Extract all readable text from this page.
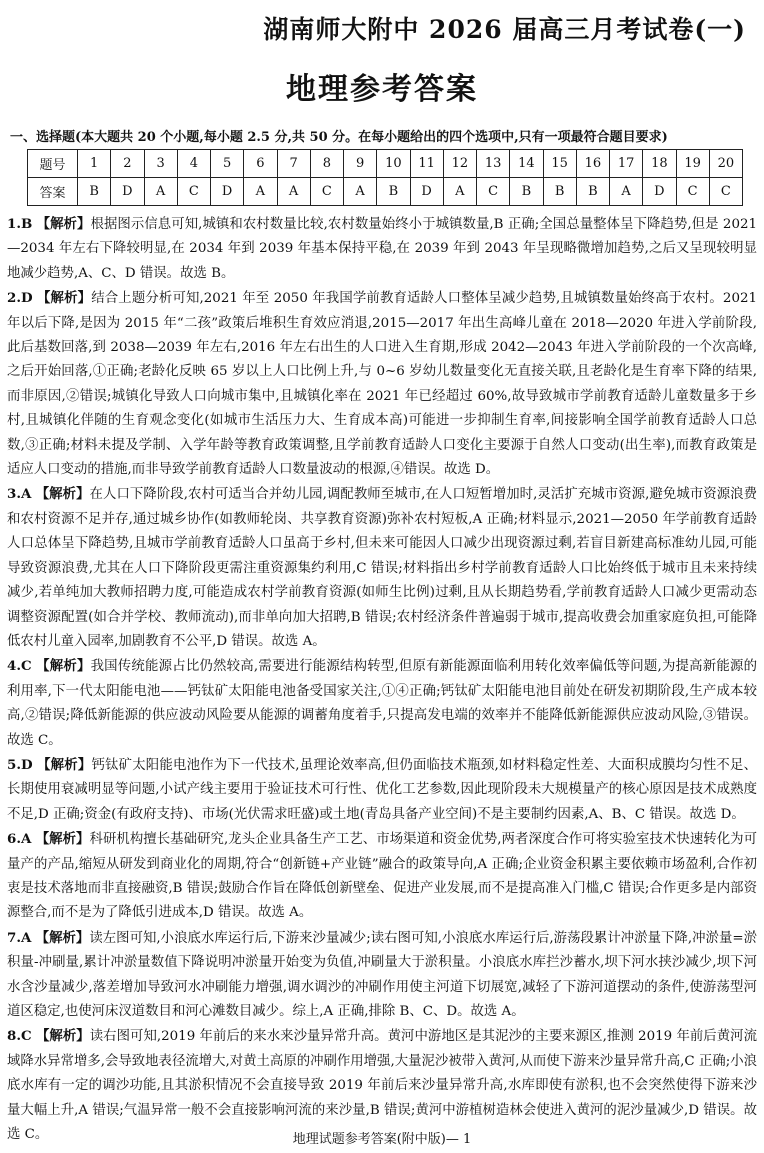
湖南师大附中 2026 届高三月考试卷(一)
地理参考答案
一、选择题(本大题共 20 个小题,每小题 2.5 分,共 50 分。在每小题给出的四个选项中,只有一项最符合题目要求)
题号	1	2	3	4	5	6	7	8	9	10	11	12	13	14	15	16	17	18	19	20
答案	B	D	A	C	D	A	A	C	A	B	D	A	C	B	B	B	A	D	C	C

1.B 【解析】根据图示信息可知,城镇和农村数量比较,农村数量始终小于城镇数量,B 正确;全国总量整体呈下降趋势,但是 2021—2034 年左右下降较明显,在 2034 年到 2039 年基本保持平稳,在 2039 年到 2043 年呈现略微增加趋势,之后又呈现较明显地减少趋势,A、C、D 错误。故选 B。

2.D 【解析】结合上题分析可知,2021 年至 2050 年我国学前教育适龄人口整体呈减少趋势,且城镇数量始终高于农村。2021 年以后下降,是因为 2015 年“二孩”政策后堆积生育效应消退,2015—2017 年出生高峰儿童在 2018—2020 年进入学前阶段,此后基数回落,到 2038—2039 年左右,2016 年左右出生的人口进入生育期,形成 2042—2043 年进入学前阶段的一个次高峰,之后开始回落,①正确;老龄化反映 65 岁以上人口比例上升,与 0~6 岁幼儿数量变化无直接关联,且老龄化是生育率下降的结果,而非原因,②错误;城镇化导致人口向城市集中,且城镇化率在 2021 年已经超过 60%,故导致城市学前教育适龄儿童数量多于乡村,且城镇化伴随的生育观念变化(如城市生活压力大、生育成本高)可能进一步抑制生育率,间接影响全国学前教育适龄人口总数,③正确;材料未提及学制、入学年龄等教育政策调整,且学前教育适龄人口变化主要源于自然人口变动(出生率),而教育政策是适应人口变动的措施,而非导致学前教育适龄人口数量波动的根源,④错误。故选 D。

3.A 【解析】在人口下降阶段,农村可适当合并幼儿园,调配教师至城市,在人口短暂增加时,灵活扩充城市资源,避免城市资源浪费和农村资源不足并存,通过城乡协作(如教师轮岗、共享教育资源)弥补农村短板,A 正确;材料显示,2021—2050 年学前教育适龄人口总体呈下降趋势,且城市学前教育适龄人口虽高于乡村,但未来可能因人口减少出现资源过剩,若盲目新建高标准幼儿园,可能导致资源浪费,尤其在人口下降阶段更需注重资源集约利用,C 错误;材料指出乡村学前教育适龄人口比始终低于城市且未来持续减少,若单纯加大教师招聘力度,可能造成农村学前教育资源(如师生比例)过剩,且从长期趋势看,学前教育适龄人口减少更需动态调整资源配置(如合并学校、教师流动),而非单向加大招聘,B 错误;农村经济条件普遍弱于城市,提高收费会加重家庭负担,可能降低农村儿童入园率,加剧教育不公平,D 错误。故选 A。

4.C 【解析】我国传统能源占比仍然较高,需要进行能源结构转型,但原有新能源面临利用转化效率偏低等问题,为提高新能源的利用率,下一代太阳能电池——钙钛矿太阳能电池备受国家关注,①④正确;钙钛矿太阳能电池目前处在研发初期阶段,生产成本较高,②错误;降低新能源的供应波动风险要从能源的调蓄角度着手,只提高发电端的效率并不能降低新能源供应波动风险,③错误。故选 C。

5.D 【解析】钙钛矿太阳能电池作为下一代技术,虽理论效率高,但仍面临技术瓶颈,如材料稳定性差、大面积成膜均匀性不足、长期使用衰减明显等问题,小试产线主要用于验证技术可行性、优化工艺参数,因此现阶段未大规模量产的核心原因是技术成熟度不足,D 正确;资金(有政府支持)、市场(光伏需求旺盛)或土地(青岛具备产业空间)不是主要制约因素,A、B、C 错误。故选 D。

6.A 【解析】科研机构擅长基础研究,龙头企业具备生产工艺、市场渠道和资金优势,两者深度合作可将实验室技术快速转化为可量产的产品,缩短从研发到商业化的周期,符合“创新链+产业链”融合的政策导向,A 正确;企业资金积累主要依赖市场盈利,合作初衷是技术落地而非直接融资,B 错误;鼓励合作旨在降低创新壁垒、促进产业发展,而不是提高准入门槛,C 错误;合作更多是内部资源整合,而不是为了降低引进成本,D 错误。故选 A。

7.A 【解析】读左图可知,小浪底水库运行后,下游来沙量减少;读右图可知,小浪底水库运行后,游荡段累计冲淤量下降,冲淤量=淤积量-冲刷量,累计冲淤量数值下降说明冲淤量开始变为负值,冲刷量大于淤积量。小浪底水库拦沙蓄水,坝下河水挟沙减少,坝下河水含沙量减少,落差增加导致河水冲刷能力增强,调水调沙的冲刷作用使主河道下切展宽,减轻了下游河道摆动的条件,使游荡型河道区稳定,也使河床汊道数目和河心滩数目减少。综上,A 正确,排除 B、C、D。故选 A。

8.C 【解析】读右图可知,2019 年前后的来水来沙量异常升高。黄河中游地区是其泥沙的主要来源区,推测 2019 年前后黄河流域降水异常增多,会导致地表径流增大,对黄土高原的冲刷作用增强,大量泥沙被带入黄河,从而使下游来沙量异常升高,C 正确;小浪底水库有一定的调沙功能,且其淤积情况不会直接导致 2019 年前后来沙量异常升高,水库即使有淤积,也不会突然使得下游来沙量大幅上升,A 错误;气温异常一般不会直接影响河流的来沙量,B 错误;黄河中游植树造林会使进入黄河的泥沙量减少,D 错误。故选 C。	地理试题参考答案(附中版)— 1
